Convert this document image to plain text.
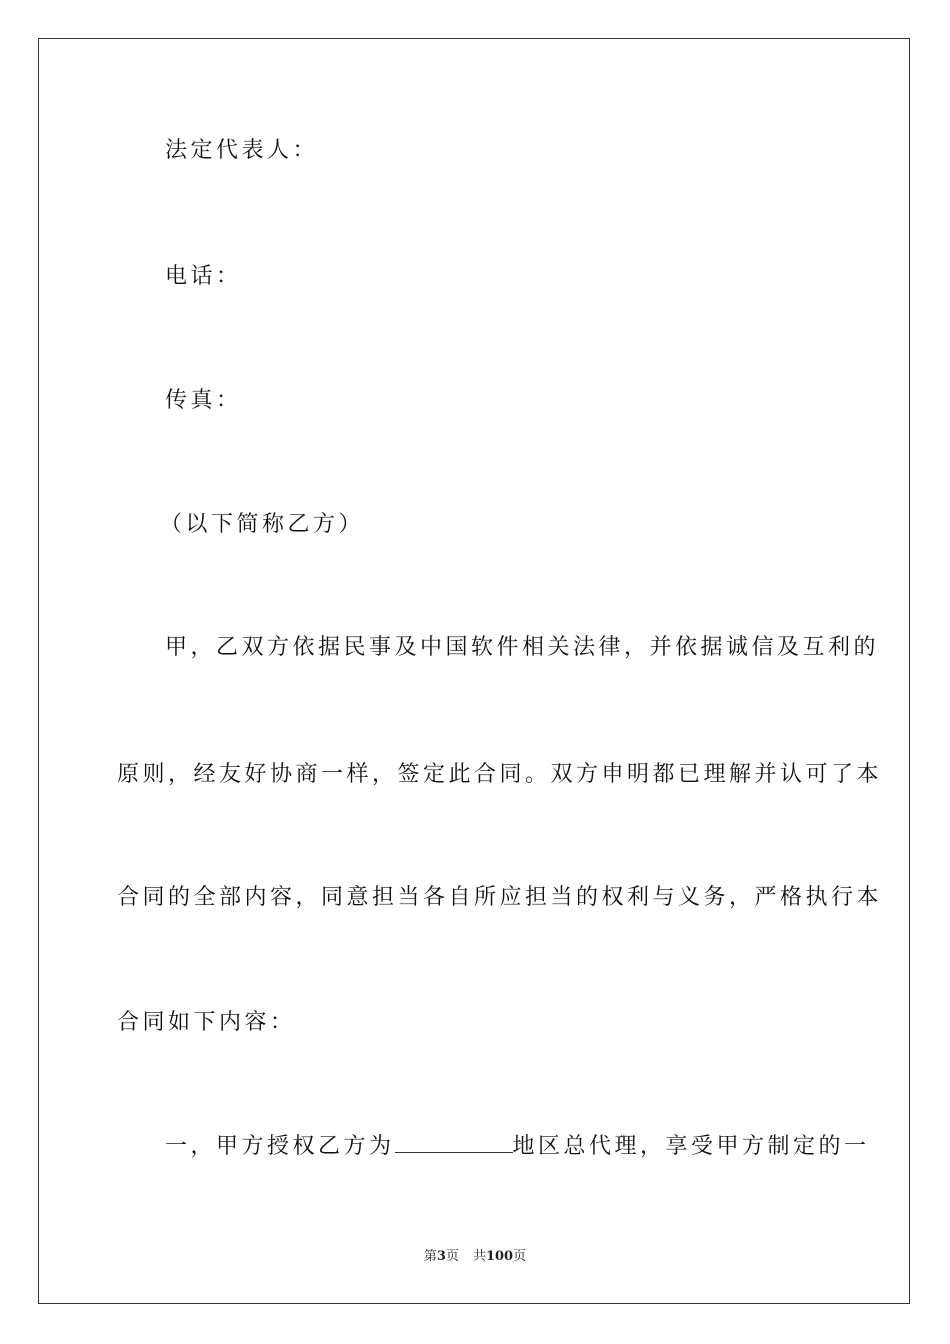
法定代表人：
电话：
传真：
（以下简称乙方）
甲，乙双方依据民事及中国软件相关法律，并依据诚信及互利的
原则，经友好协商一样，签定此合同。双方申明都已理解并认可了本
合同的全部内容，同意担当各自所应担当的权利与义务，严格执行本
合同如下内容：
一，甲方授权乙方为	地区总代理，享受甲方制定的一
第3页 共100页
